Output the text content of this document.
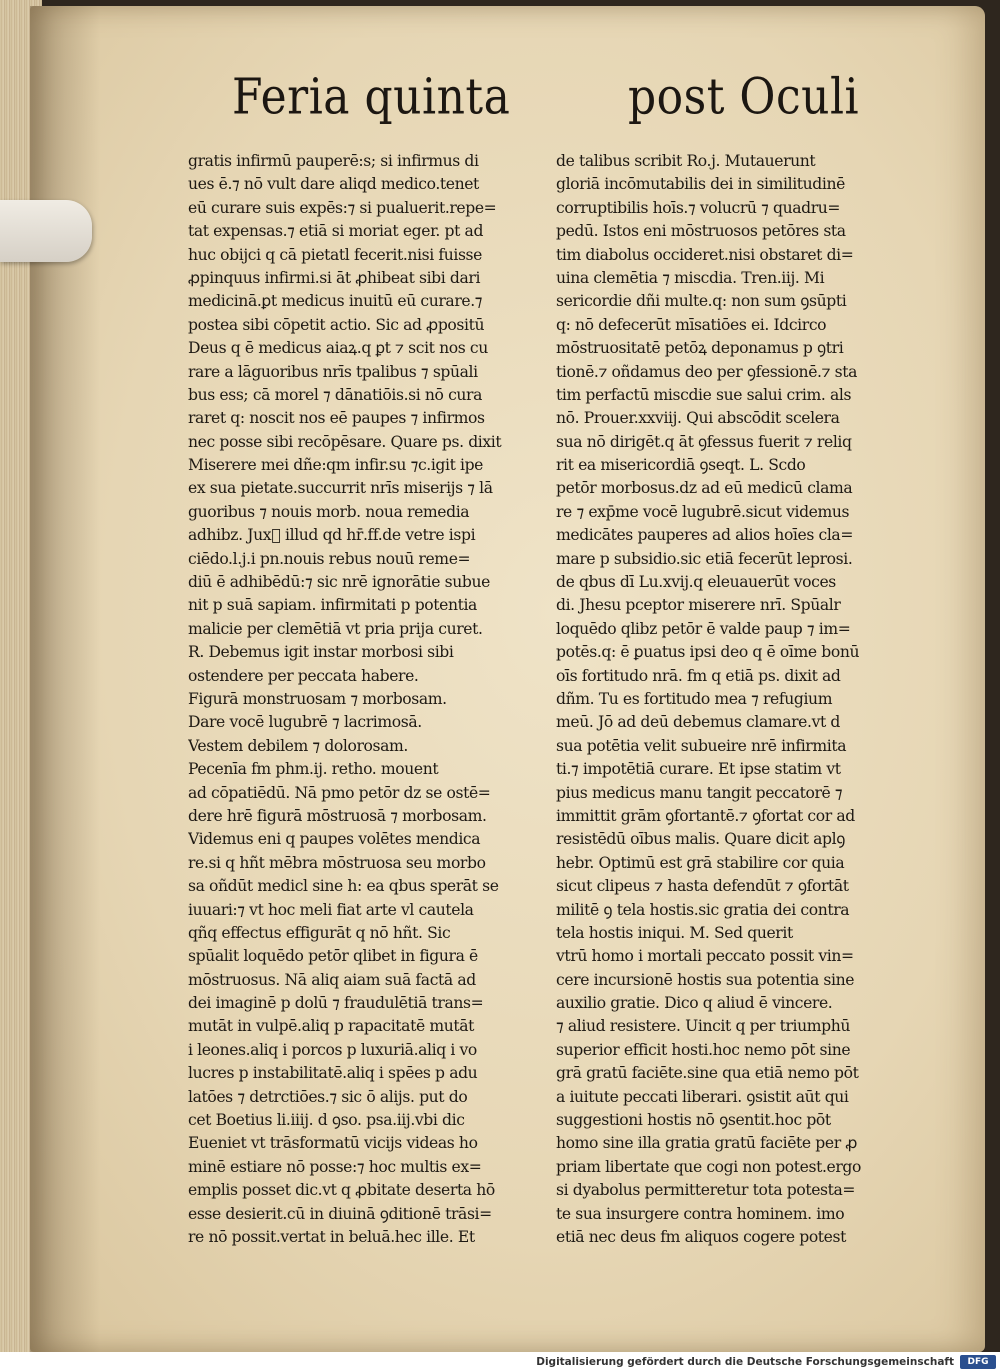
Feria quinta	post Oculi
gratis infirmū pauperē:s; si infirmus di
ues ē.⁊ nō vult dare aliqd medico.tenet
eū curare suis expēs:⁊ si pualuerit.repe=
tat expensas.⁊ etiā si moriat eger. pt ad
huc obijci q cā pietatl fecerit.nisi fuisse
ꝓpinquus infirmi.si āt ꝓhibeat sibi dari
medicinā.ꝑt medicus inuitū eū curare.⁊
postea sibi cōpetit actio. Sic ad ꝓpositū
Deus q ē medicus aiaꝝ.q ꝑt ⁊ scit nos cu
rare a lāguoribus nrīs tpalibus ⁊ spūali
bus ess; cā morel ⁊ dānatiōis.si nō cura
raret q: noscit nos eē paupes ⁊ infirmos
nec posse sibi recōpēsare. Quare ps. dixit
Miserere mei dñe:qm infir.su ⁊c.igit ipe
ex sua pietate.succurrit nrīs miserijs ⁊ lā
guoribus ⁊ nouis morb. noua remedia
adhibz. Juxᷓ illud qd hr̄.ff.de vetre ispi
ciēdo.l.j.i pn.nouis rebus nouū reme=
diū ē adhibēdū:⁊ sic nrē ignorātie subue
nit p suā sapiam. infirmitati p potentia
malicie per clemētiā vt pria prija curet.
R. Debemus igit instar morbosi sibi
ostendere per peccata habere.
Figurā monstruosam ⁊ morbosam.
Dare vocē lugubrē ⁊ lacrimosā.
Vestem debilem ⁊ dolorosam.
Pecenīa fm phm.ij. retho. mouent
ad cōpatiēdū. Nā pmo petōr dz se ostē=
dere hrē figurā mōstruosā ⁊ morbosam.
Videmus eni q paupes volētes mendica
re.si q hñt mēbra mōstruosa seu morbo
sa oñdūt medicl sine h: ea qbus sperāt se
iuuari:⁊ vt hoc meli fiat arte vl cautela
qñq effectus effigurāt q nō hñt. Sic
spūalit loquēdo petōr qlibet in figura ē
mōstruosus. Nā aliq aiam suā factā ad
dei imaginē p dolū ⁊ fraudulētiā trans=
mutāt in vulpē.aliq p rapacitatē mutāt
i leones.aliq i porcos p luxuriā.aliq i vo
lucres p instabilitatē.aliq i spēes p adu
latōes ⁊ detrctiōes.⁊ sic ō alijs. put do
cet Boetius li.iiij. d ꝯso. psa.iij.vbi dic
Eueniet vt trāsformatū vicijs videas ho
minē estiare nō posse:⁊ hoc multis ex=
emplis posset dic.vt q ꝓbitate deserta hō
esse desierit.cū in diuinā ꝯditionē trāsi=
re nō possit.vertat in beluā.hec ille. Et
de talibus scribit Ro.j. Mutauerunt
gloriā incōmutabilis dei in similitudinē
corruptibilis hoīs.⁊ volucrū ⁊ quadru=
pedū. Istos eni mōstruosos petōres sta
tim diabolus occideret.nisi obstaret di=
uina clemētia ⁊ miscdia. Tren.iij. Mi
sericordie dñi multe.q: non sum ꝯsūpti
q: nō defecerūt mīsatiōes ei. Idcirco
mōstruositatē petōꝝ deponamus p ꝯtri
tionē.⁊ oñdamus deo per ꝯfessionē.⁊ sta
tim perfactū miscdie sue salui crim. als
nō. Prouer.xxviij. Qui abscōdit scelera
sua nō dirigēt.q āt ꝯfessus fuerit ⁊ reliq
rit ea misericordiā ꝯseqt. L. Scdo
petōr morbosus.dz ad eū medicū clama
re ⁊ exp̄me vocē lugubrē.sicut videmus
medicātes pauperes ad alios hoīes cla=
mare p subsidio.sic etiā fecerūt leprosi.
de qbus dī Lu.xvij.q eleuauerūt voces
di. Jhesu pceptor miserere nrī. Spūalr
loquēdo qlibz petōr ē valde paup ⁊ im=
potēs.q: ē ꝑuatus ipsi deo q ē oīme bonū
oīs fortitudo nrā. fm q etiā ps. dixit ad
dñm. Tu es fortitudo mea ⁊ refugium
meū. Jō ad deū debemus clamare.vt d
sua potētia velit subueire nrē infirmita
ti.⁊ impotētiā curare. Et ipse statim vt
pius medicus manu tangit peccatorē ⁊
immittit grām ꝯfortantē.⁊ ꝯfortat cor ad
resistēdū oībus malis. Quare dicit aplꝯ
hebr. Optimū est grā stabilire cor quia
sicut clipeus ⁊ hasta defendūt ⁊ ꝯfortāt
militē ꝯ tela hostis.sic gratia dei contra
tela hostis iniqui. M. Sed querit
vtrū homo i mortali peccato possit vin=
cere incursionē hostis sua potentia sine
auxilio gratie. Dico q aliud ē vincere.
⁊ aliud resistere. Uincit q per triumphū
superior efficit hosti.hoc nemo pōt sine
grā gratū faciēte.sine qua etiā nemo pōt
a iuitute peccati liberari. ꝯsistit aūt qui
suggestioni hostis nō ꝯsentit.hoc pōt
homo sine illa gratia gratū faciēte per ꝓ
priam libertate que cogi non potest.ergo
si dyabolus permitteretur tota potesta=
te sua insurgere contra hominem. imo
etiā nec deus fm aliquos cogere potest
Digitalisierung gefördert durch die Deutsche Forschungsgemeinschaft	DFG
